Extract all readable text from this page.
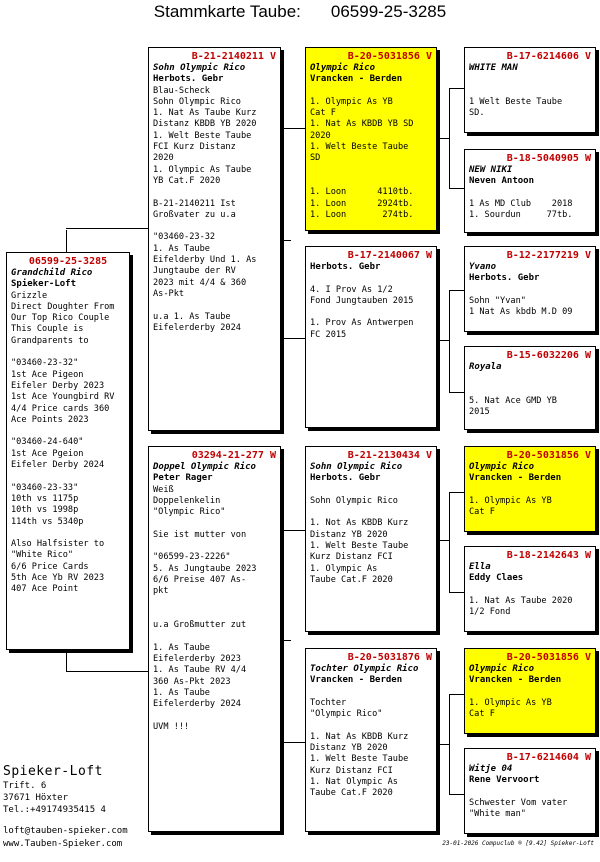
Stammkarte Taube: 06599-25-3285
06599-25-3285
Grandchild Rico
Spieker-Loft
Grizzle
Direct Doughter From
Our Top Rico Couple
This Couple is
Grandparents to

"03460-23-32"
1st Ace Pigeon
Eifeler Derby 2023
1st Ace Youngbird RV
4/4 Price cards 360
Ace Points 2023

"03460-24-640"
1st Ace Pgeion
Eifeler Derby 2024

"03460-23-33"
10th vs 1175p
10th vs 1998p
114th vs 5340p

Also Halfsister to
"White Rico"
6/6 Price Cards
5th Ace Yb RV 2023
407 Ace Point
B-21-2140211 V
Sohn Olympic Rico
Herbots. Gebr
Blau-Scheck
Sohn Olympic Rico
1. Nat As Taube Kurz
Distanz KBDB YB 2020
1. Welt Beste Taube
FCI Kurz Distanz
2020
1. Olympic As Taube
YB Cat.F 2020

B-21-2140211 Ist
Großvater zu u.a

"03460-23-32
1. As Taube
Eifelderby Und 1. As
Jungtaube der RV
2023 mit 4/4 & 360
As-Pkt

u.a 1. As Taube
Eifelerderby 2024
03294-21-277 W
Doppel Olympic Rico
Peter Rager
Weiß
Doppelenkelin
"Olympic Rico"

Sie ist mutter von

"06599-23-2226"
5. As Jungtaube 2023
6/6 Preise 407 As-
pkt

u.a Großmutter zut

1. As Taube
Eifelerderby 2023
1. As Taube RV 4/4
360 As-Pkt 2023
1. As Taube
Eifelerderby 2024

UVM !!!
B-20-5031856 V
Olympic Rico
Vrancken - Berden

1. Olympic As YB
Cat F
1. Nat As KBDB YB SD
2020
1. Welt Beste Taube
SD

1. Loon      4110tb.
1. Loon      2924tb.
1. Loon       274tb.
B-17-2140067 W
Herbots. Gebr

4. I Prov As 1/2
Fond Jungtauben 2015

1. Prov As Antwerpen
FC 2015
B-21-2130434 V
Sohn Olympic Rico
Herbots. Gebr

Sohn Olympic Rico

1. Not As KBDB Kurz
Distanz YB 2020
1. Welt Beste Taube
Kurz Distanz FCI
1. Olympic As
Taube Cat.F 2020
B-20-5031876 W
Tochter Olympic Rico
Vrancken - Berden

Tochter
"Olympic Rico"

1. Nat As KBDB Kurz
Distanz YB 2020
1. Welt Beste Taube
Kurz Distanz FCI
1. Nat Olympic As
Taube Cat.F 2020
B-17-6214606 V
WHITE MAN

1 Welt Beste Taube
SD.
B-18-5040905 W
NEW NIKI
Neven Antoon

1 As MD Club    2018
1. Sourdun     77tb.
B-12-2177219 V
Yvano
Herbots. Gebr

Sohn "Yvan"
1 Nat As kbdb M.D 09
B-15-6032206 W
Royala

5. Nat Ace GMD YB
2015
B-20-5031856 V
Olympic Rico
Vrancken - Berden

1. Olympic As YB
Cat F
B-18-2142643 W
Ella
Eddy Claes

1. Nat As Taube 2020
1/2 Fond
B-20-5031856 V
Olympic Rico
Vrancken - Berden

1. Olympic As YB
Cat F
B-17-6214604 W
Witje 04
Rene Vervoort

Schwester Vom vater
"White man"
Spieker-Loft
Trift. 6
37671 Höxter
Tel.:+49174935415 4
loft@tauben-spieker.com
www.Tauben-Spieker.com	23-01-2026 Compuclub ® [9.42] Spieker-Loft
